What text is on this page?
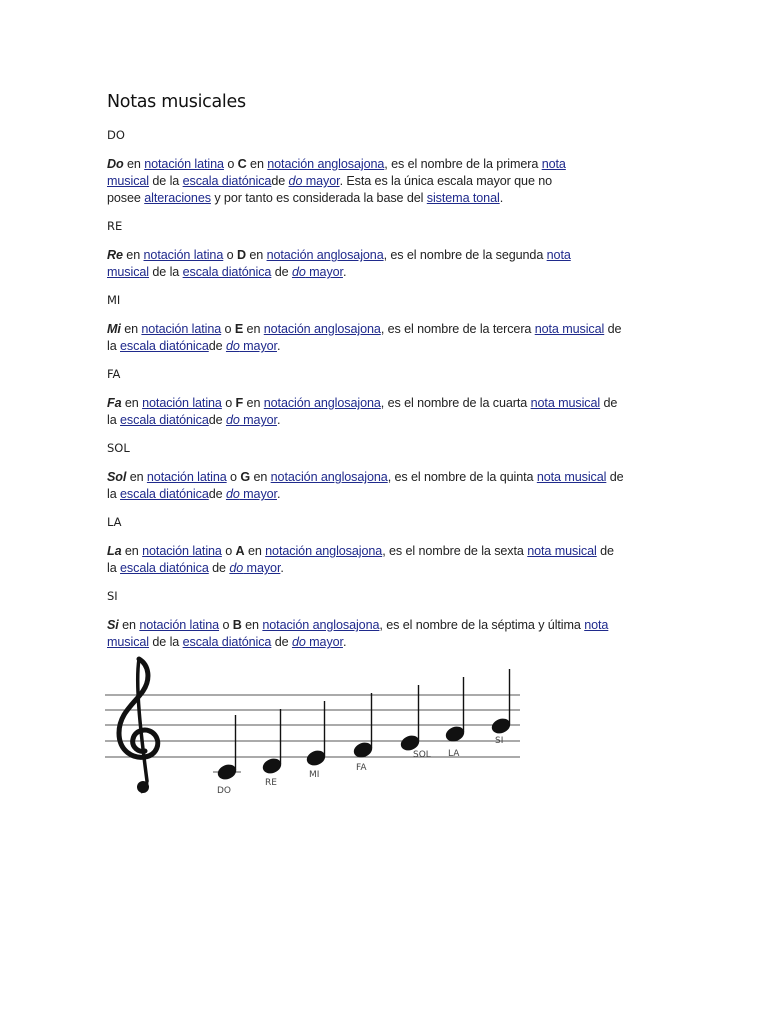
Notas musicales
DO

Do en notación latina o C en notación anglosajona, es el nombre de la primera nota
musical de la escala diatónicade do mayor. Esta es la única escala mayor que no
posee alteraciones y por tanto es considerada la base del sistema tonal.

RE

Re en notación latina o D en notación anglosajona, es el nombre de la segunda nota
musical de la escala diatónica de do mayor.

MI

Mi en notación latina o E en notación anglosajona, es el nombre de la tercera nota musical de
la escala diatónicade do mayor.

FA

Fa en notación latina o F en notación anglosajona, es el nombre de la cuarta nota musical de
la escala diatónicade do mayor.

SOL

Sol en notación latina o G en notación anglosajona, es el nombre de la quinta nota musical de
la escala diatónicade do mayor.

LA

La en notación latina o A en notación anglosajona, es el nombre de la sexta nota musical de
la escala diatónica de do mayor.

SI

Si en notación latina o B en notación anglosajona, es el nombre de la séptima y última nota
musical de la escala diatónica de do mayor.

DO
RE
MI
FA
SOL LA
SI
